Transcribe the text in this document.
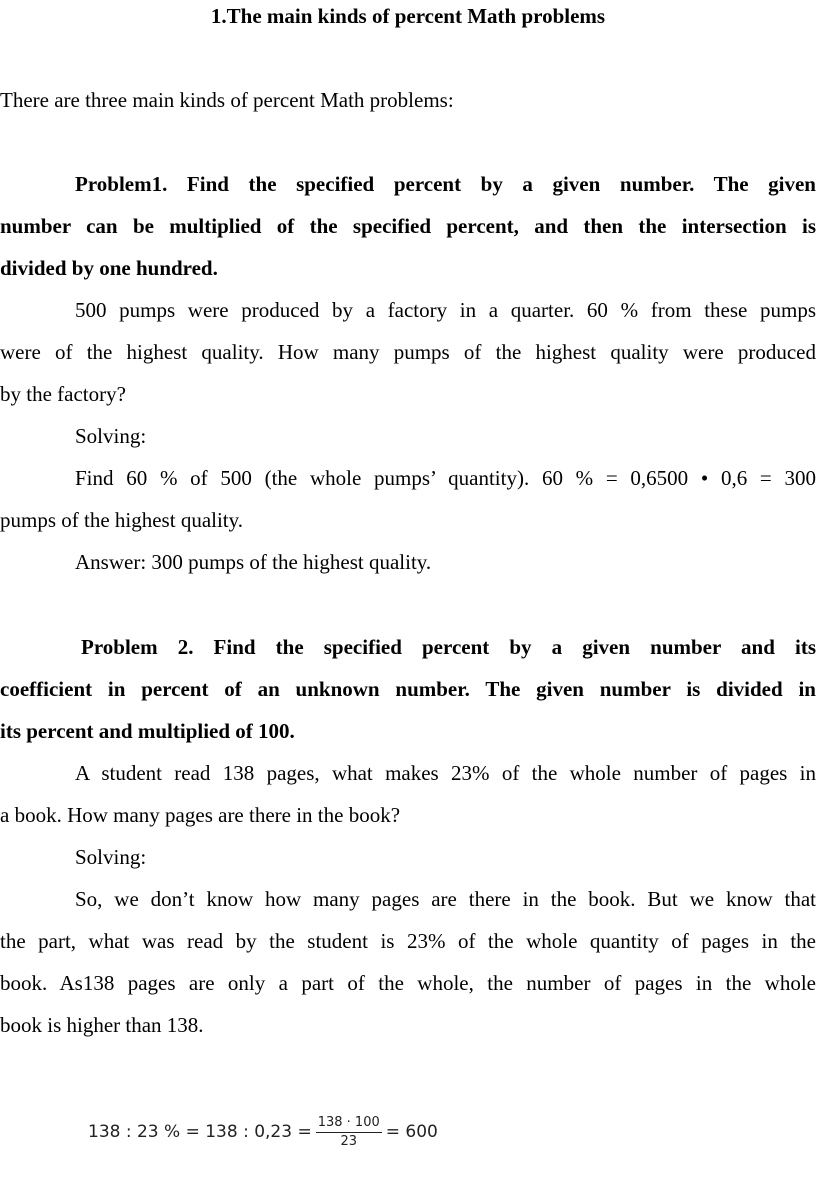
1.The main kinds of percent Math problems
There are three main kinds of percent Math problems:
Problem1. Find the specified percent by a given number. The given
number can be multiplied of the specified percent, and then the intersection is
divided by one hundred.
500 pumps were produced by a factory in a quarter. 60 % from these pumps
were of the highest quality. How many pumps of the highest quality were produced
by the factory?
Solving:
Find 60 % of 500 (the whole pumps’ quantity). 60 % = 0,6500 • 0,6 = 300
pumps of the highest quality.
Answer: 300 pumps of the highest quality.
Problem 2. Find the specified percent by a given number and its
coefficient in percent of an unknown number. The given number is divided in
its percent and multiplied of 100.
A student read 138 pages, what makes 23% of the whole number of pages in
a book. How many pages are there in the book?
Solving:
So, we don’t know how many pages are there in the book. But we know that
the part, what was read by the student is 23% of the whole quantity of pages in the
book. As138 pages are only a part of the whole, the number of pages in the whole
book is higher than 138.
138 : 23 % = 138 : $0,23 = \frac{138 \cdot 100}{23} = 600$
